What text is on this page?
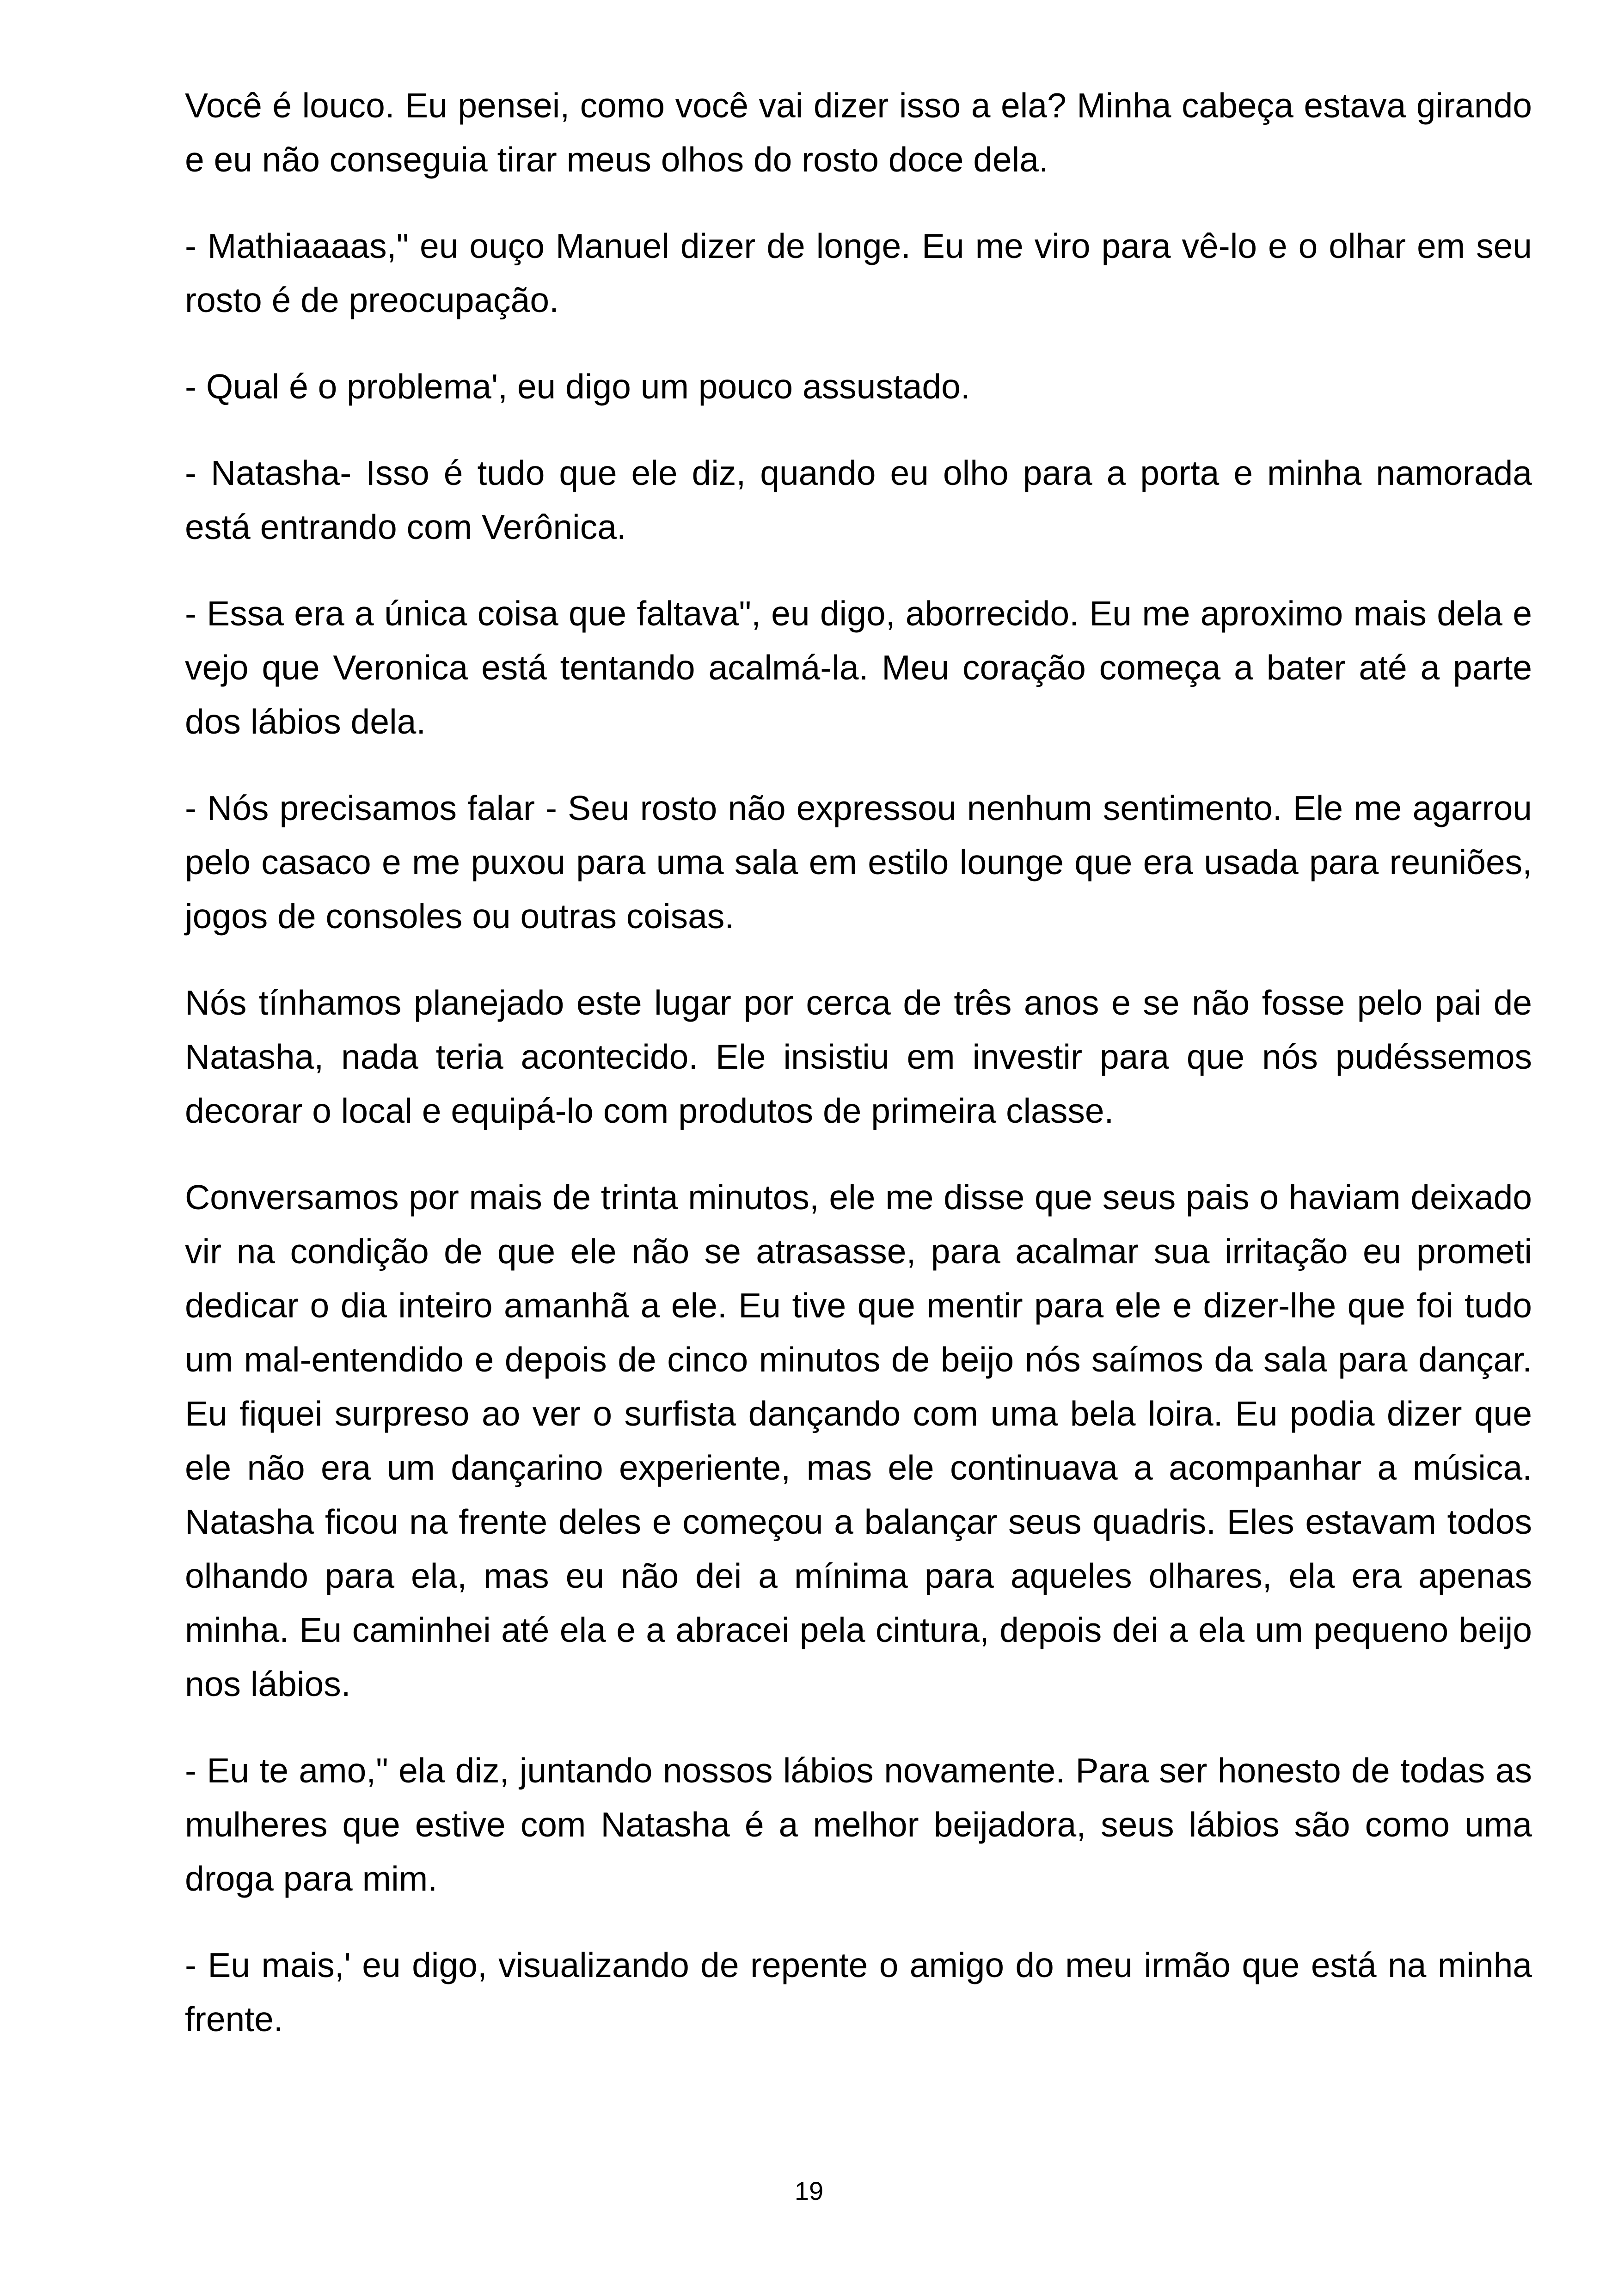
Você é louco. Eu pensei, como você vai dizer isso a ela? Minha cabeça estava girando e eu não conseguia tirar meus olhos do rosto doce dela.

- Mathiaaaas," eu ouço Manuel dizer de longe. Eu me viro para vê-lo e o olhar em seu rosto é de preocupação.

- Qual é o problema', eu digo um pouco assustado.

- Natasha- Isso é tudo que ele diz, quando eu olho para a porta e minha namorada está entrando com Verônica.

- Essa era a única coisa que faltava", eu digo, aborrecido. Eu me aproximo mais dela e vejo que Veronica está tentando acalmá-la. Meu coração começa a bater até a parte dos lábios dela.

- Nós precisamos falar - Seu rosto não expressou nenhum sentimento. Ele me agarrou pelo casaco e me puxou para uma sala em estilo lounge que era usada para reuniões, jogos de consoles ou outras coisas.

Nós tínhamos planejado este lugar por cerca de três anos e se não fosse pelo pai de Natasha, nada teria acontecido. Ele insistiu em investir para que nós pudéssemos decorar o local e equipá-lo com produtos de primeira classe.

Conversamos por mais de trinta minutos, ele me disse que seus pais o haviam deixado vir na condição de que ele não se atrasasse, para acalmar sua irritação eu prometi dedicar o dia inteiro amanhã a ele. Eu tive que mentir para ele e dizer-lhe que foi tudo um mal-entendido e depois de cinco minutos de beijo nós saímos da sala para dançar. Eu fiquei surpreso ao ver o surfista dançando com uma bela loira. Eu podia dizer que ele não era um dançarino experiente, mas ele continuava a acompanhar a música. Natasha ficou na frente deles e começou a balançar seus quadris. Eles estavam todos olhando para ela, mas eu não dei a mínima para aqueles olhares, ela era apenas minha. Eu caminhei até ela e a abracei pela cintura, depois dei a ela um pequeno beijo nos lábios.

- Eu te amo," ela diz, juntando nossos lábios novamente. Para ser honesto de todas as mulheres que estive com Natasha é a melhor beijadora, seus lábios são como uma droga para mim.

- Eu mais,' eu digo, visualizando de repente o amigo do meu irmão que está na minha frente.

19
